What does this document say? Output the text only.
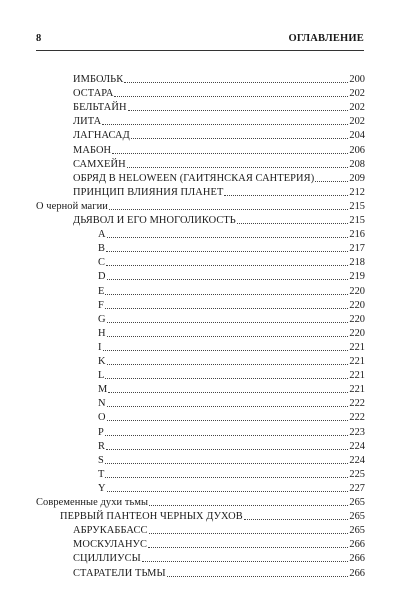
8	ОГЛАВЛЕНИЕ
ИМБОЛЬК	200
ОСТАРА	202
БЕЛЬТАЙН	202
ЛИТА	202
ЛАГНАСАД	204
МАБОН	206
САМХЕЙН	208
ОБРЯД В HELOWEEN (ГАИТЯНСКАЯ САНТЕРИЯ)	209
ПРИНЦИП ВЛИЯНИЯ ПЛАНЕТ	212
О черной магии	215
ДЬЯВОЛ И ЕГО МНОГОЛИКОСТЬ	215
A	216
B	217
C	218
D	219
E	220
F	220
G	220
H	220
I	221
K	221
L	221
M	221
N	222
O	222
P	223
R	224
S	224
T	225
Y	227
Современные духи тьмы	265
ПЕРВЫЙ ПАНТЕОН ЧЕРНЫХ ДУХОВ	265
АБРУКАББАСС	265
МОСКУЛАНУС	266
СЦИЛЛИУСЫ	266
СТАРАТЕЛИ ТЬМЫ	266
